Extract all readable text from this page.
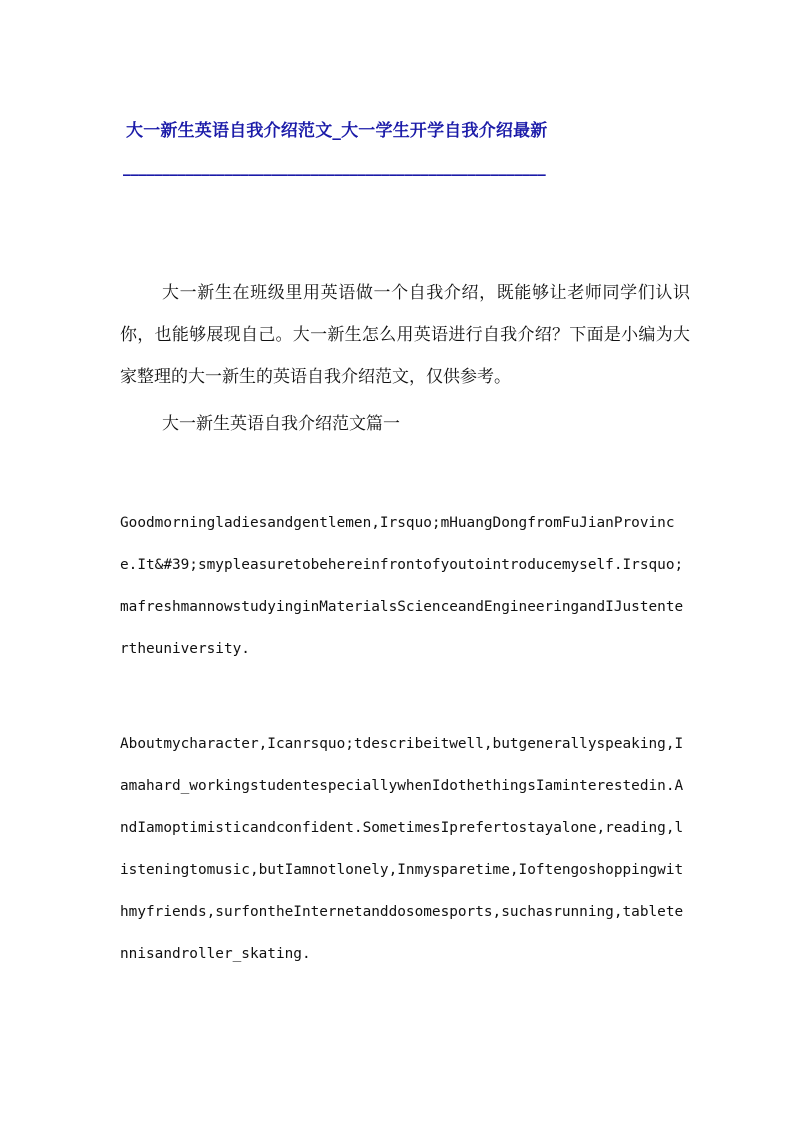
大一新生英语自我介绍范文_大一学生开学自我介绍最新
——————————————————————————————————————————————————————

大一新生在班级里用英语做一个自我介绍，既能够让老师同学们认识你，也能够展现自己。大一新生怎么用英语进行自我介绍？下面是小编为大家整理的大一新生的英语自我介绍范文，仅供参考。

大一新生英语自我介绍范文篇一

Goodmorningladiesandgentlemen,Irsquo;mHuangDongfromFuJianProvince.It&#39;smypleasuretobehereinfrontofyoutointroducemyself.Irsquo;mafreshmannowstudyinginMaterialsScienceandEngineeringandIJustentertheuniversity.

Aboutmycharacter,Icanrsquo;tdescribeitwell,butgenerallyspeaking,Iamahard_workingstudentespeciallywhenIdothethingsIaminterestedin.AndIamoptimisticandconfident.SometimesIprefertostayalone,reading,listeningtomusic,butIamnotlonely,Inmysparetime,Ioftengoshoppingwithmyfriends,surfontheInternetanddosomesports,suchasrunning,tabletennisandroller_skating.
